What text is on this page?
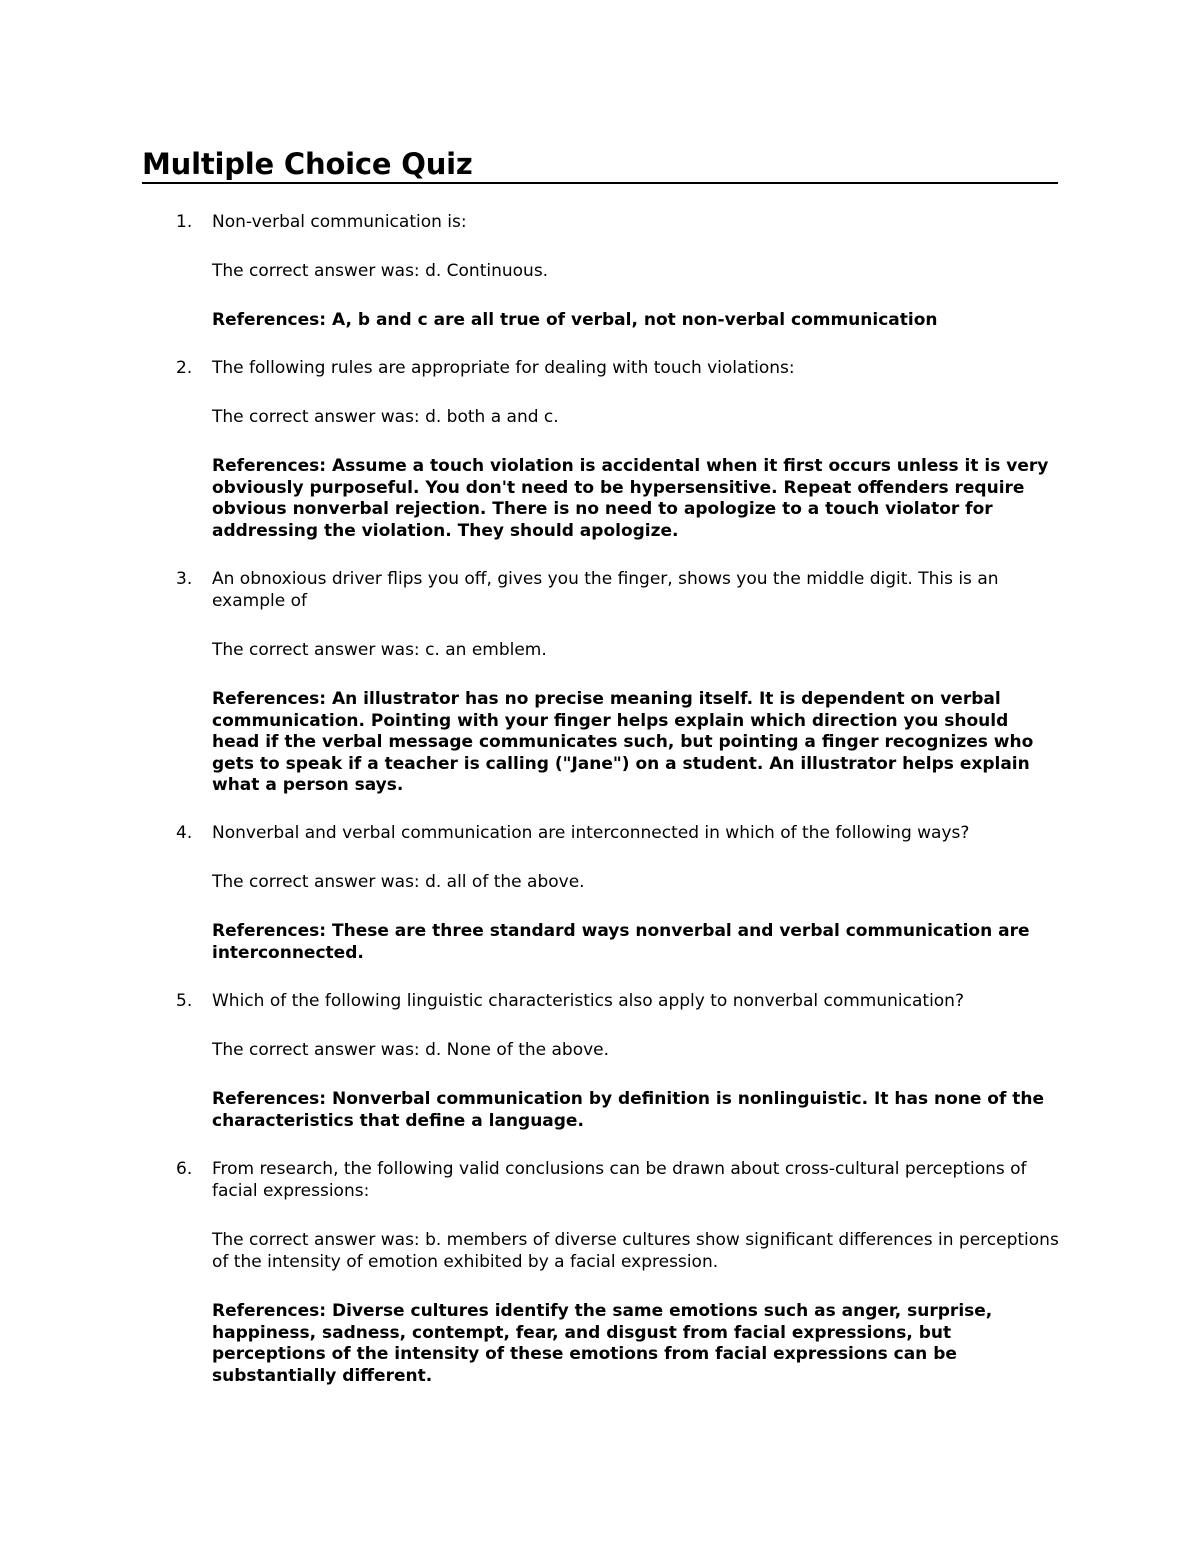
Multiple Choice Quiz
1. Non-verbal communication is:

The correct answer was: d. Continuous.

References: A, b and c are all true of verbal, not non-verbal communication

2. The following rules are appropriate for dealing with touch violations:

The correct answer was: d. both a and c.

References: Assume a touch violation is accidental when it first occurs unless it is very obviously purposeful. You don't need to be hypersensitive. Repeat offenders require obvious nonverbal rejection. There is no need to apologize to a touch violator for addressing the violation. They should apologize.

3. An obnoxious driver flips you off, gives you the finger, shows you the middle digit. This is an example of

The correct answer was: c. an emblem.

References: An illustrator has no precise meaning itself. It is dependent on verbal communication. Pointing with your finger helps explain which direction you should head if the verbal message communicates such, but pointing a finger recognizes who gets to speak if a teacher is calling ("Jane") on a student. An illustrator helps explain what a person says.

4. Nonverbal and verbal communication are interconnected in which of the following ways?

The correct answer was: d. all of the above.

References: These are three standard ways nonverbal and verbal communication are interconnected.

5. Which of the following linguistic characteristics also apply to nonverbal communication?

The correct answer was: d. None of the above.

References: Nonverbal communication by definition is nonlinguistic. It has none of the characteristics that define a language.

6. From research, the following valid conclusions can be drawn about cross-cultural perceptions of facial expressions:

The correct answer was: b. members of diverse cultures show significant differences in perceptions of the intensity of emotion exhibited by a facial expression.

References: Diverse cultures identify the same emotions such as anger, surprise, happiness, sadness, contempt, fear, and disgust from facial expressions, but perceptions of the intensity of these emotions from facial expressions can be substantially different.
